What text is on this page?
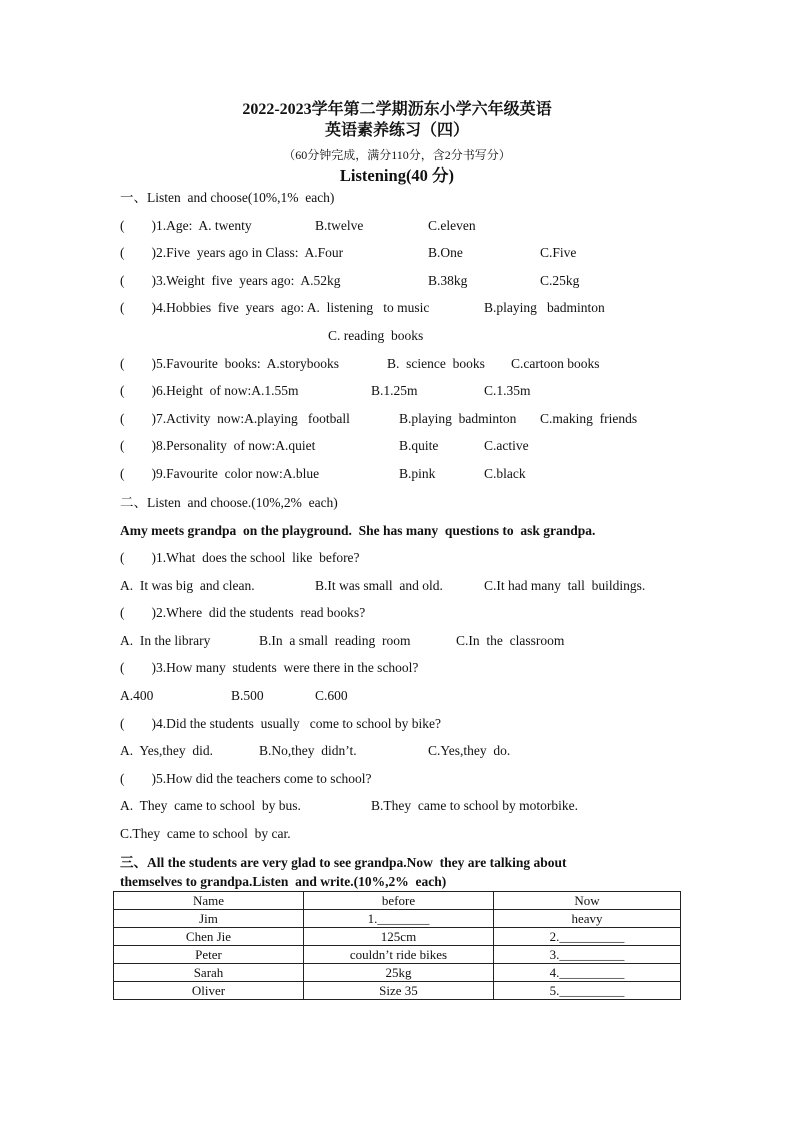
2022-2023学年第二学期沥东小学六年级英语
英语素养练习（四）
（60分钟完成，满分110分，含2分书写分）
Listening(40 分)
一、Listen  and choose(10%,1%  each)
(        )1.Age:  A. twenty	B.twelve	C.eleven
(        )2.Five  years ago in Class:  A.Four	B.One	C.Five
(        )3.Weight  five  years ago:  A.52kg	B.38kg	C.25kg
(        )4.Hobbies  five  years  ago: A.  listening   to music	B.playing   badminton
C. reading  books
(        )5.Favourite  books:  A.storybooks	B.  science  books C.cartoon books
(        )6.Height  of now:A.1.55m	B.1.25m	C.1.35m
(        )7.Activity  now:A.playing   football	B.playing  badminton C.making  friends
(        )8.Personality  of now:A.quiet	B.quite	C.active
(        )9.Favourite  color now:A.blue	B.pink	C.black
二、Listen  and choose.(10%,2%  each)
Amy meets grandpa  on the playground.  She has many  questions to  ask grandpa.
(        )1.What  does the school  like  before?
A.  It was big  and clean.	B.It was small  and old.	C.It had many  tall  buildings.
(        )2.Where  did the students  read books?
A.  In the library	B.In  a small  reading  room	C.In  the  classroom
(        )3.How many  students  were there in the school?
A.400	B.500	C.600
(        )4.Did the students  usually   come to school by bike?
A.  Yes,they  did.	B.No,they  didn’t.	C.Yes,they  do.
(        )5.How did the teachers come to school?
A.  They  came to school  by bus.	B.They  came to school by motorbike.
C.They  came to school  by car.
三、All the students are very glad to see grandpa.Now  they are talking about
themselves to grandpa.Listen  and write.(10%,2%  each)
Name	before	Now
Jim	1.________	heavy
Chen Jie	125cm	2.__________
Peter	couldn’t ride bikes	3.__________
Sarah	25kg	4.__________
Oliver	Size 35	5.__________
